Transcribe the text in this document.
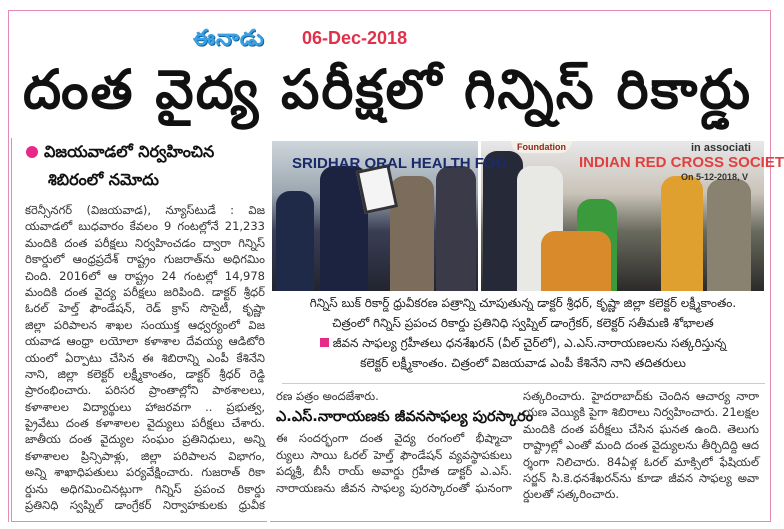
ఈనాడు 06-Dec-2018
దంత వైద్య పరీక్షలో గిన్నిస్ రికార్డు
విజయవాడలో నిర్వహించిన
శిబిరంలో నమోదు
కరెన్సీనగర్ (విజయవాడ), న్యూస్‌టుడే : విజ
యవాడలో బుధవారం కేవలం 9 గంటల్లోనే 21,233
మందికి దంత పరీక్షలు నిర్వహించడం ద్వారా గిన్నిస్
రికార్డులో ఆంధ్రప్రదేశ్ రాష్ట్రం గుజరాత్‌ను అధిగమిం
చింది. 2016లో ఆ రాష్ట్రం 24 గంటల్లో 14,978
మందికి దంత వైద్య పరీక్షలు జరిపింది. డాక్టర్ శ్రీధర్
ఓరల్ హెల్త్ ఫౌండేషన్, రెడ్ క్రాస్ సొసైటీ, కృష్ణా
జిల్లా పరిపాలన శాఖల సంయుక్త ఆధ్వర్యంలో విజ
యవాడ ఆంధ్రా లయోలా కళాశాల దేవయ్య ఆడిటోరి
యంలో ఏర్పాటు చేసిన ఈ శిబిరాన్ని ఎంపీ కేశినేని
నాని, జిల్లా కలెక్టర్ లక్ష్మీకాంతం, డాక్టర్ శ్రీధర్ రెడ్డి
ప్రారంభించారు. పరిసర ప్రాంతాల్లోని పాఠశాలలు,
కళాశాలల విద్యార్థులు హాజరవగా .. ప్రభుత్వ,
ప్రైవేటు దంత కళాశాలల వైద్యులు పరీక్షలు చేశారు.
జాతీయ దంత వైద్యుల సంఘం ప్రతినిధులు, అన్ని
కళాశాలల ప్రిన్సిపాళ్లు, జిల్లా పరిపాలన విభాగం,
అన్ని శాఖాధిపతులు పర్యవేక్షించారు. గుజరాత్ రికా
ర్డును అధిగమించినట్లుగా గిన్నిస్ ప్రపంచ రికార్డు
ప్రతినిధి స్వప్నిల్ డాంగ్రేకర్ నిర్వాహకులకు ధ్రువీక
SRIDHAR ORAL HEALTH FOU
Foundation	in associati
INDIAN RED CROSS SOCIET
On 5-12-2018, V
గిన్నిస్ బుక్ రికార్డ్ ధ్రువీకరణ పత్రాన్ని చూపుతున్న డాక్టర్ శ్రీధర్, కృష్ణా జిల్లా కలెక్టర్ లక్ష్మీకాంతం.
చిత్రంలో గిన్నిస్ ప్రపంచ రికార్డు ప్రతినిధి స్వప్నిల్ డాంగ్రేకర్, కలెక్టర్ సతీమణి శోభాలత
జీవన సాఫల్య గ్రహీతలు ధనశేఖరన్ (వీల్ చైర్‌లో), ఎ.ఎస్.నారాయణలను సత్కరిస్తున్న
కలెక్టర్ లక్ష్మీకాంతం. చిత్రంలో విజయవాడ ఎంపీ కేశినేని నాని తదితరులు
రణ పత్రం అందజేశారు.
ఎ.ఎస్.నారాయణకు జీవనసాఫల్య పురస్కారం
ఈ సందర్భంగా దంత వైద్య రంగంలో భీష్మాచా
ర్యులు సాయి ఓరల్ హెల్త్ ఫౌండేషన్ వ్యవస్థాపకులు
పద్మశ్రీ, బీసీ రాయ్ అవార్డు గ్రహీత డాక్టర్ ఎ.ఎస్.
నారాయణను జీవన సాఫల్య పురస్కారంతో ఘనంగా
సత్కరించారు. హైదరాబాద్‌కు చెందిన ఆచార్య నారా
యణ వెయ్యికి పైగా శిబిరాలు నిర్వహించారు. 21లక్షల
మందికి దంత పరీక్షలు చేసిన ఘనత ఉంది. తెలుగు
రాష్ట్రాల్లో ఎంతో మంది దంత వైద్యులను తీర్చిదిద్ది ఆద
ర్శంగా నిలిచారు. 84ఏళ్ల ఓరల్ మాక్సిలో ఫేషియల్
సర్జన్ సి.కె.ధనశేఖరన్‌ను కూడా జీవన సాఫల్య అవా
ర్డులతో సత్కరించారు.
